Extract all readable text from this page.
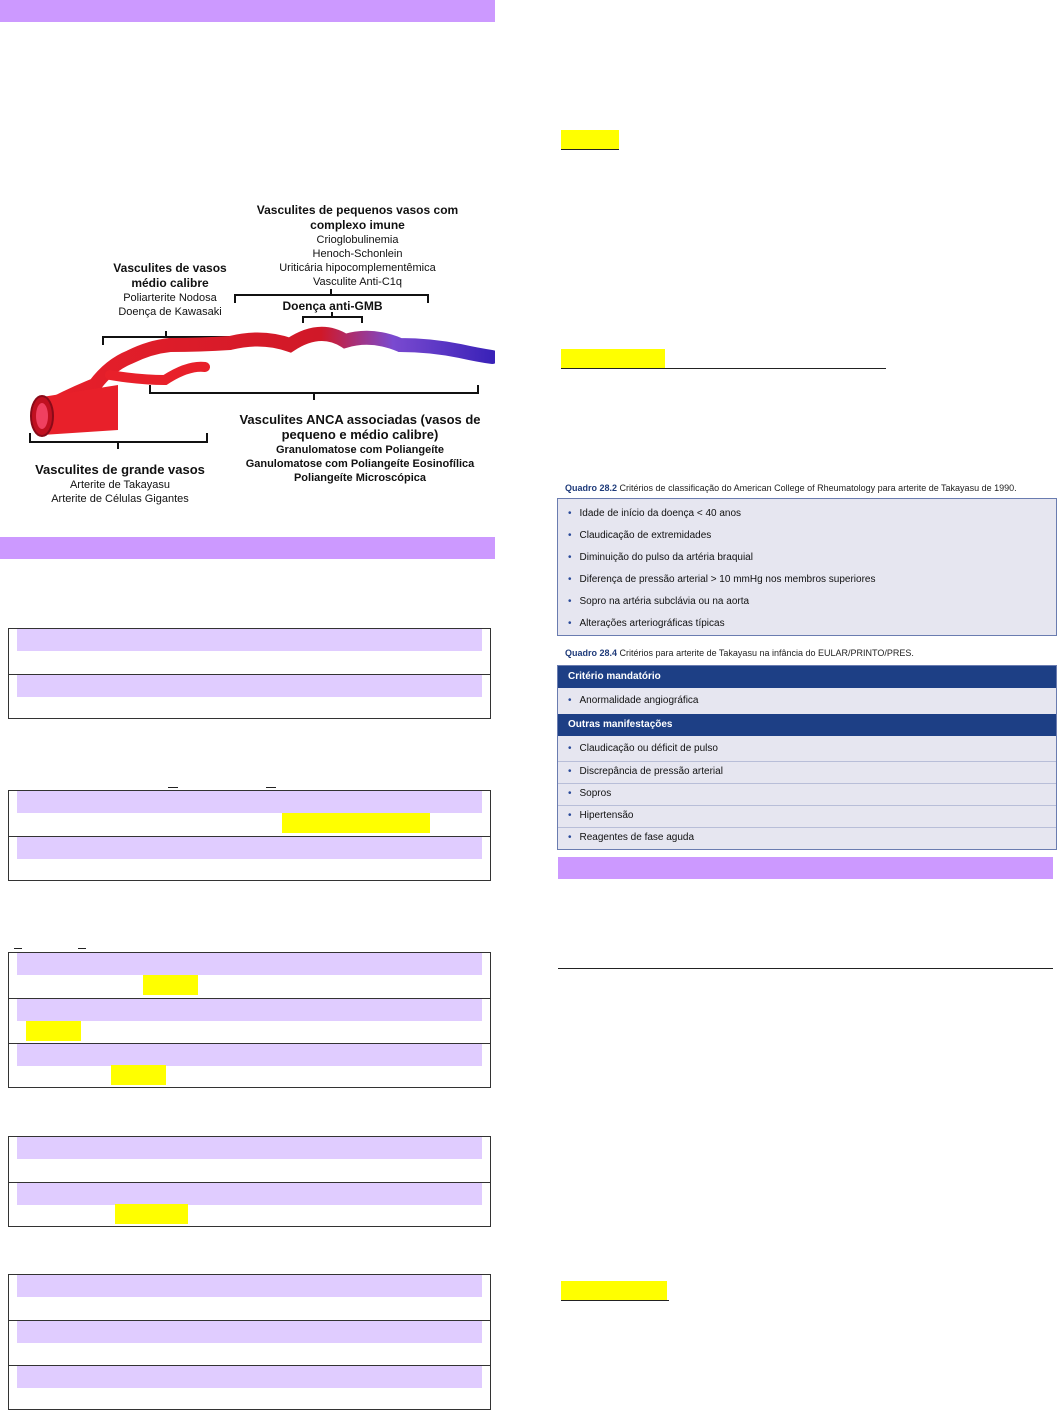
Vasculites de pequenos vasos com complexo imune
Crioglobulinemia
Henoch-Schonlein
Uriticária hipocomplementêmica
Vasculite Anti-C1q
Vasculites de vasos médio calibre
Poliarterite Nodosa
Doença de Kawasaki	Doença anti-GMB
Vasculites ANCA associadas (vasos de pequeno e médio calibre)
Granulomatose com Poliangeíte
Ganulomatose com Poliangeíte Eosinofílica
Poliangeíte Microscópica
Vasculites de grande vasos
Arterite de Takayasu
Arterite de Células Gigantes
Quadro 28.2 Critérios de classificação do American College of Rheumatology para arterite de Takayasu de 1990.
• Idade de início da doença < 40 anos
• Claudicação de extremidades
• Diminuição do pulso da artéria braquial
• Diferença de pressão arterial > 10 mmHg nos membros superiores
• Sopro na artéria subclávia ou na aorta
• Alterações arteriográficas típicas
Quadro 28.4 Critérios para arterite de Takayasu na infância do EULAR/PRINTO/PRES.
Critério mandatório
• Anormalidade angiográfica
Outras manifestações
• Claudicação ou déficit de pulso
• Discrepância de pressão arterial
• Sopros
• Hipertensão
• Reagentes de fase aguda
